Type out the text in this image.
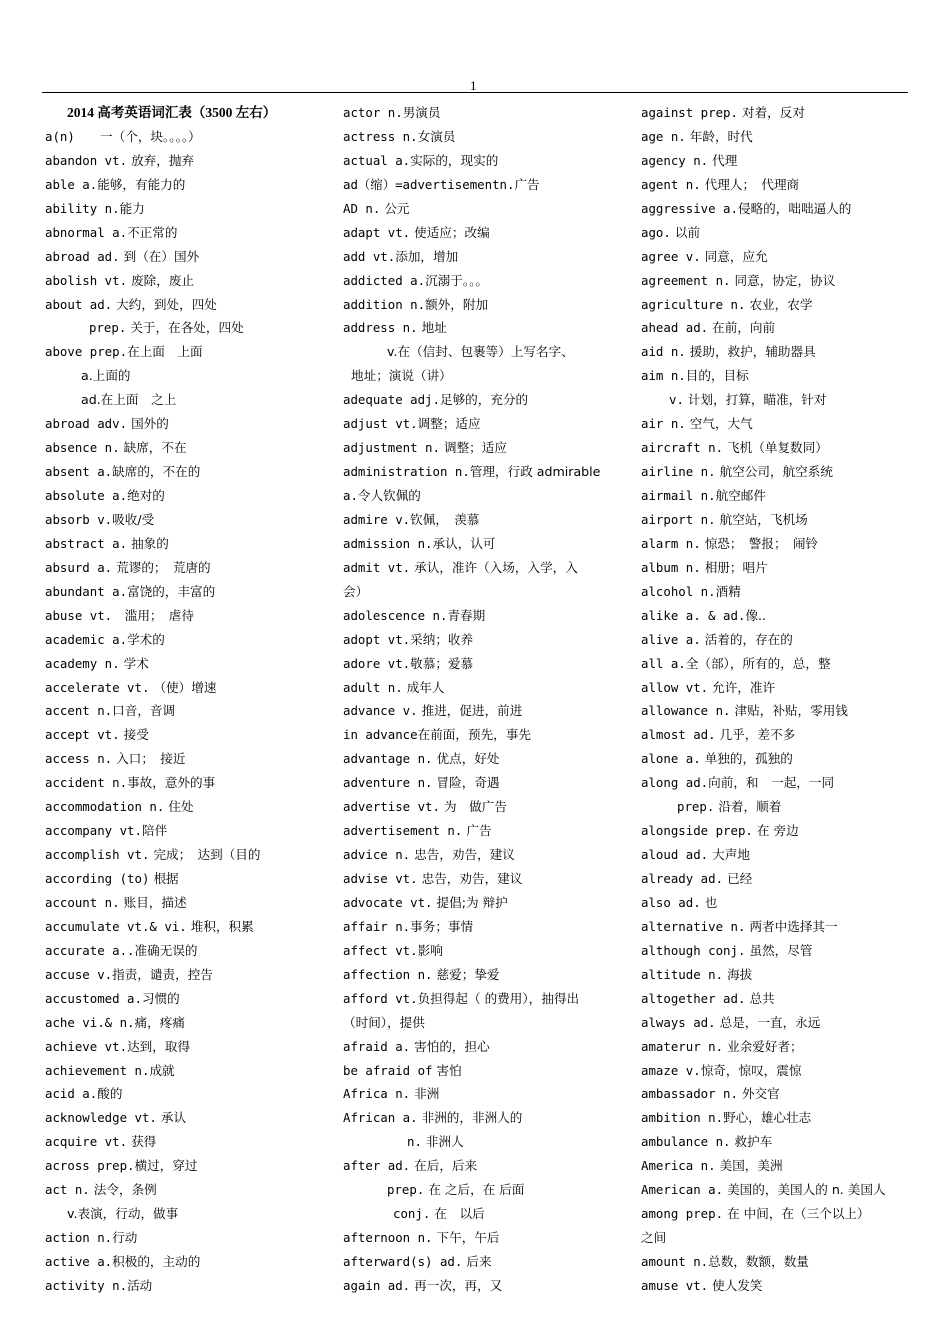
1
2014 高考英语词汇表（3500 左右）
a(n)　　一（个，块。。。。）
abandon vt. 放弃，抛弃
able a.能够，有能力的
ability n.能力
abnormal a.不正常的
abroad ad. 到（在）国外
abolish vt. 废除，废止
about ad. 大约，到处，四处
prep. 关于，在各处，四处
above prep.在上面　上面
a.上面的
ad.在上面　之上
abroad adv. 国外的
absence n. 缺席，不在
absent a.缺席的，不在的
absolute a.绝对的
absorb v.吸收/受
abstract a. 抽象的
absurd a. 荒谬的；　荒唐的
abundant a.富饶的，丰富的
abuse vt.　滥用；　虐待
academic a.学术的
academy n. 学术
accelerate vt. （使）增速
accent n.口音，音调
accept vt. 接受
access n. 入口；　接近
accident n.事故，意外的事
accommodation n. 住处
accompany vt.陪伴
accomplish vt. 完成；　达到（目的
according (to) 根据
account n. 账目，描述
accumulate vt.& vi. 堆积，积累
accurate a..准确无误的
accuse v.指责，谴责，控告
accustomed a.习惯的
ache vi.& n.痛，疼痛
achieve vt.达到，取得
achievement n.成就
acid a.酸的
acknowledge vt. 承认
acquire vt. 获得
across prep.横过，穿过
act n. 法令，条例
v.表演，行动，做事
action n.行动
active a.积极的，主动的
activity n.活动
actor n.男演员
actress n.女演员
actual a.实际的，现实的
ad（缩）=advertisementn.广告
AD n. 公元
adapt vt. 使适应；改编
add vt.添加，增加
addicted a.沉溺于。。。
addition n.额外，附加
address n. 地址
v.在（信封、包裹等）上写名字、
地址；演说（讲）
adequate adj.足够的，充分的
adjust vt.调整；适应
adjustment n. 调整；适应
administration n.管理，行政 admirable
a.令人钦佩的
admire v.钦佩，　羡慕
admission n.承认，认可
admit vt. 承认，准许（入场，入学，入
会）
adolescence n.青春期
adopt vt.采纳；收养
adore vt.敬慕；爱慕
adult n. 成年人
advance v. 推进，促进，前进
in advance在前面，预先，事先
advantage n. 优点，好处
adventure n. 冒险，奇遇
advertise vt. 为　做广告
advertisement n. 广告
advice n. 忠告，劝告，建议
advise vt. 忠告，劝告，建议
advocate vt. 提倡;为 辩护
affair n.事务；事情
affect vt.影响
affection n. 慈爱；挚爱
afford vt.负担得起（ 的费用），抽得出
（时间），提供
afraid a. 害怕的，担心
be afraid of 害怕
Africa n. 非洲
African a. 非洲的，非洲人的
n. 非洲人
after ad. 在后，后来
prep. 在 之后，在 后面
conj. 在　以后
afternoon n. 下午，午后
afterward(s) ad. 后来
again ad. 再一次，再，又
against prep. 对着，反对
age n. 年龄，时代
agency n. 代理
agent n. 代理人；　代理商
aggressive a.侵略的，咄咄逼人的
ago. 以前
agree v. 同意，应允
agreement n. 同意，协定，协议
agriculture n. 农业，农学
ahead ad. 在前，向前
aid n. 援助，救护，辅助器具
aim n.目的，目标
v. 计划，打算，瞄准，针对
air n. 空气，大气
aircraft n. 飞机（单复数同）
airline n. 航空公司，航空系统
airmail n.航空邮件
airport n. 航空站，飞机场
alarm n. 惊恐；　警报；　闹铃
album n. 相册；唱片
alcohol n.酒精
alike a. & ad.像..
alive a. 活着的，存在的
all a.全（部），所有的，总，整
allow vt. 允许，准许
allowance n. 津贴，补贴，零用钱
almost ad. 几乎，差不多
alone a. 单独的，孤独的
along ad.向前，和　一起，一同
prep. 沿着，顺着
alongside prep. 在 旁边
aloud ad. 大声地
already ad. 已经
also ad. 也
alternative n. 两者中选择其一
although conj. 虽然，尽管
altitude n. 海拔
altogether ad. 总共
always ad. 总是，一直，永远
amaterur n. 业余爱好者；
amaze v.惊奇，惊叹，震惊
ambassador n. 外交官
ambition n.野心，雄心壮志
ambulance n. 救护车
America n. 美国，美洲
American a. 美国的，美国人的 n. 美国人
among prep. 在 中间，在（三个以上）
之间
amount n.总数，数额，数量
amuse vt. 使人发笑
